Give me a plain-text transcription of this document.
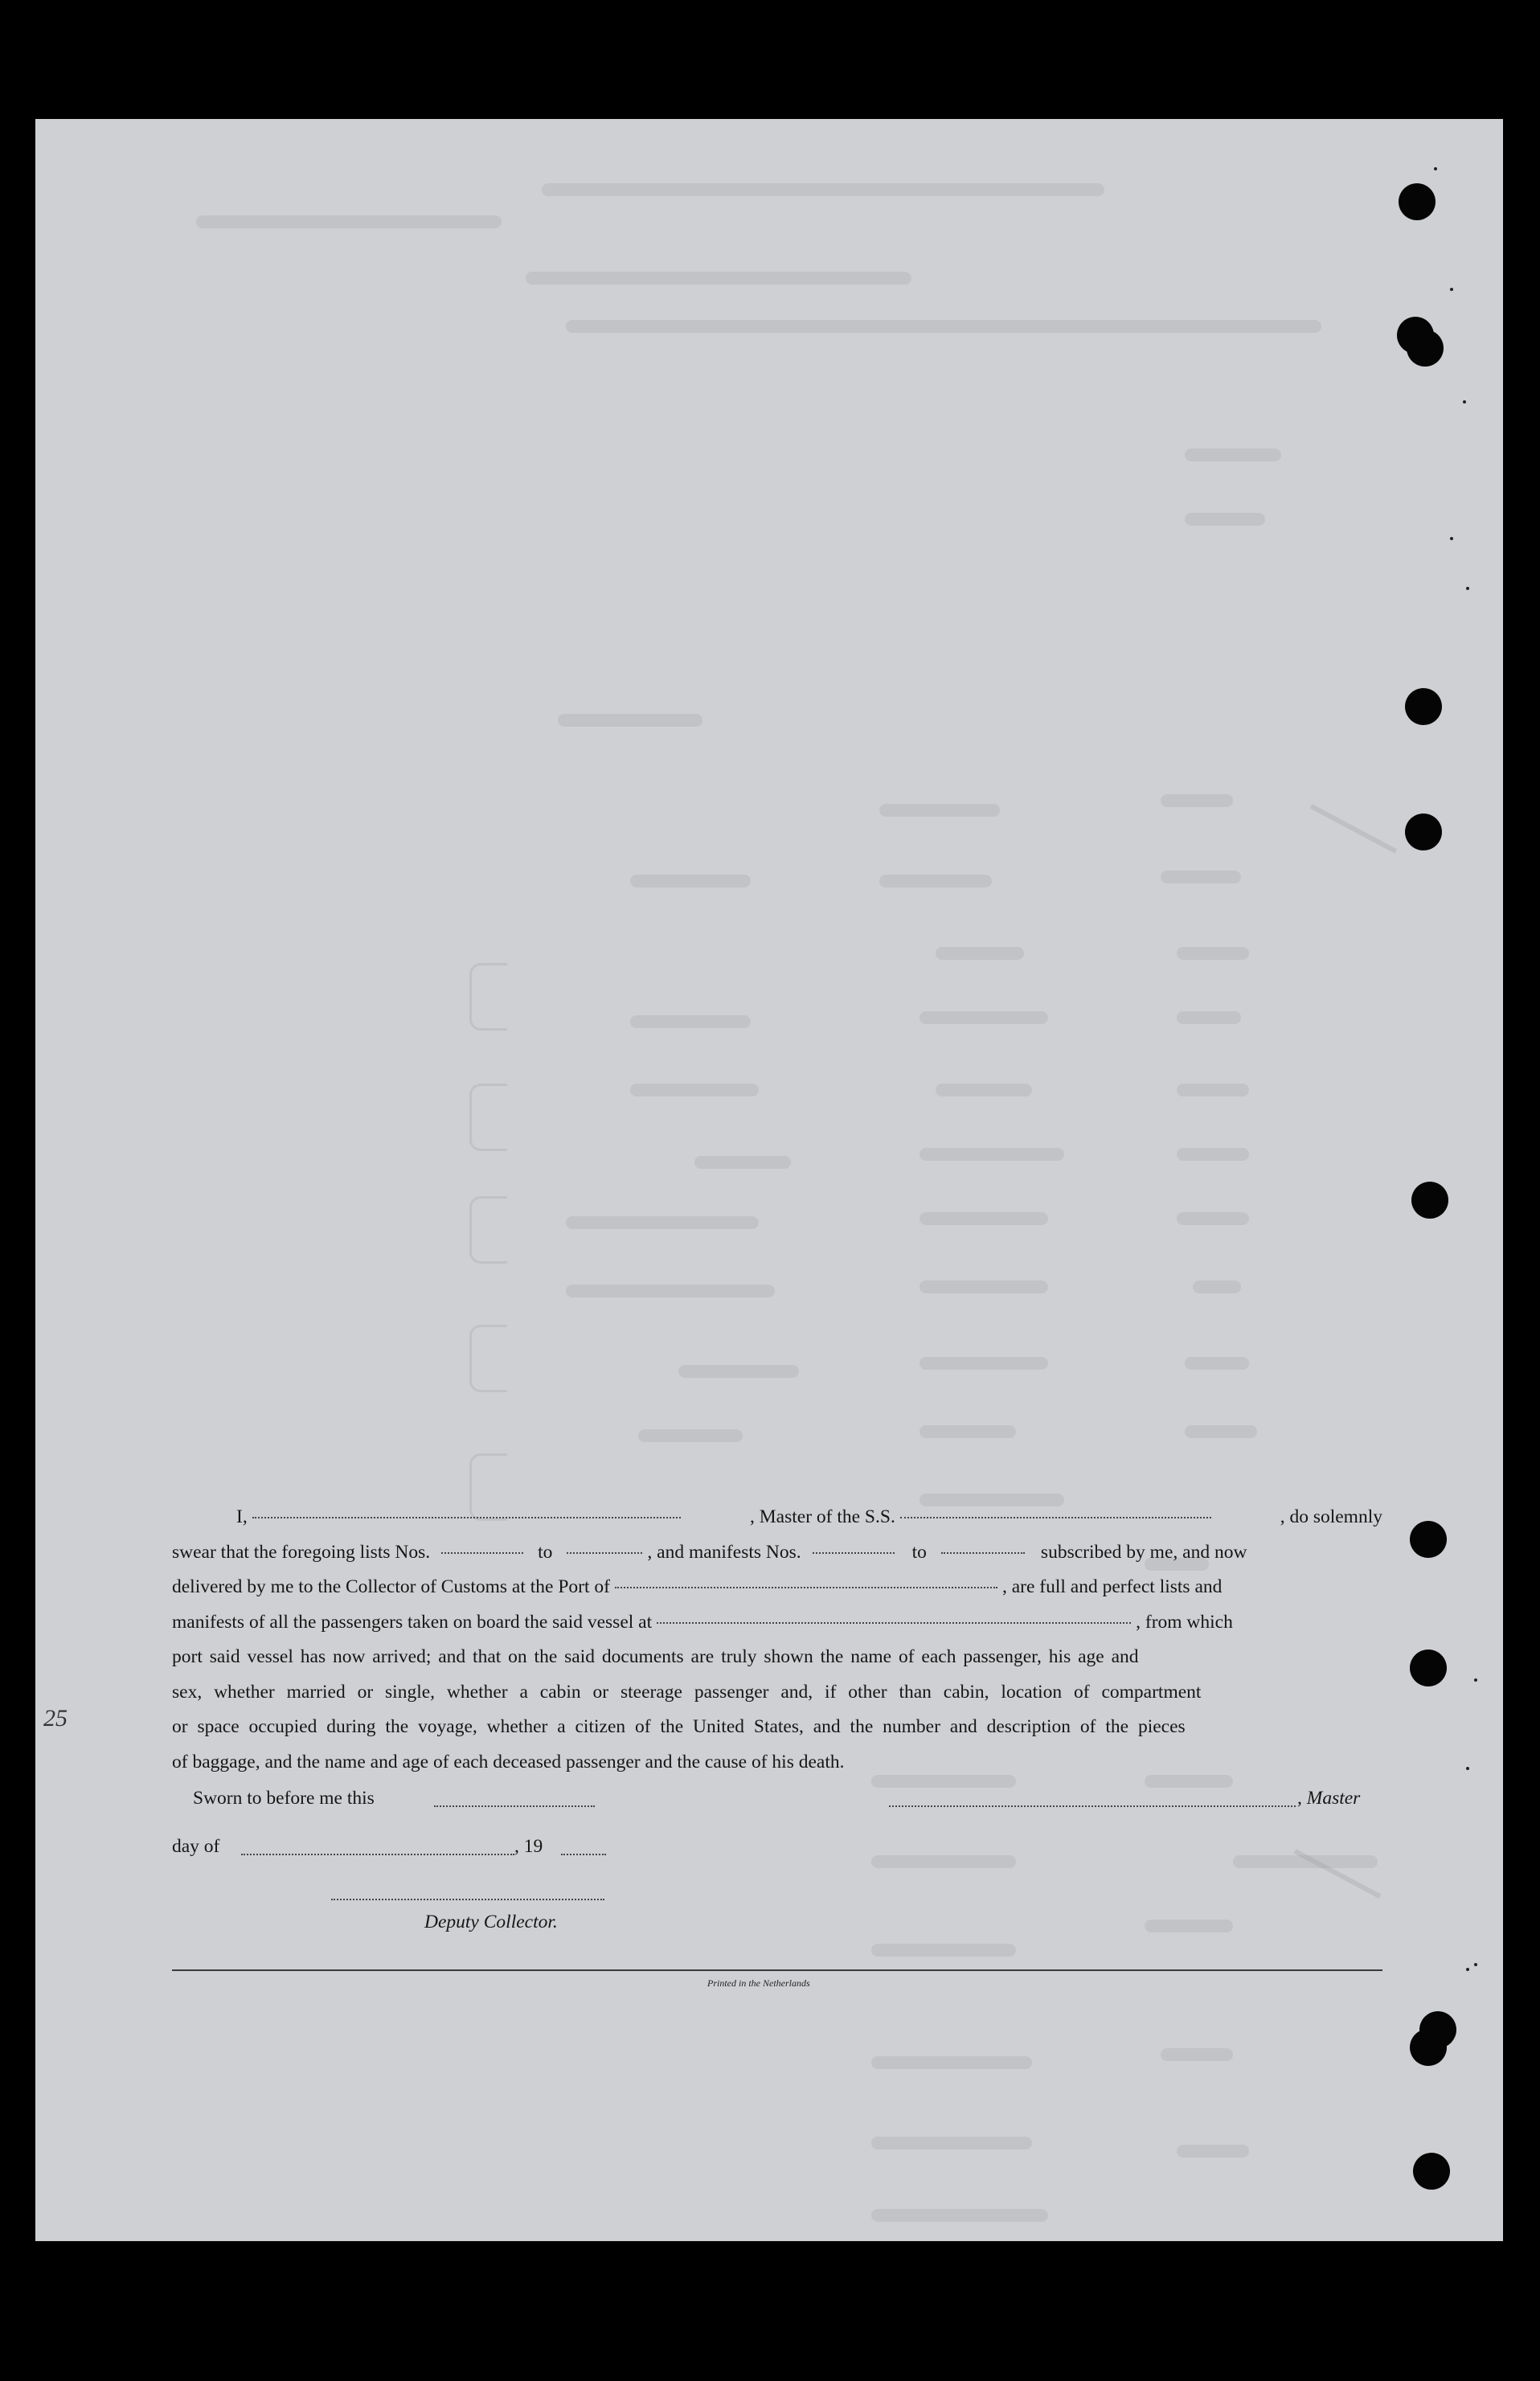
25
I,	, Master of the S.S.	, do solemnly
swear that the foregoing lists Nos.	to	, and manifests Nos.	to	subscribed by me, and now
delivered by me to the Collector of Customs at the Port of	, are full and perfect lists and
manifests of all the passengers taken on board the said vessel at	, from which
port said vessel has now arrived; and that on the said documents are truly shown the name of each passenger, his age and
sex, whether married or single, whether a cabin or steerage passenger and, if other than cabin, location of compartment
or space occupied during the voyage, whether a citizen of the United States, and the number and description of the pieces
of baggage, and the name and age of each deceased passenger and the cause of his death.
Sworn to before me this	, Master
day of	, 19
Deputy Collector.
Printed in the Netherlands
